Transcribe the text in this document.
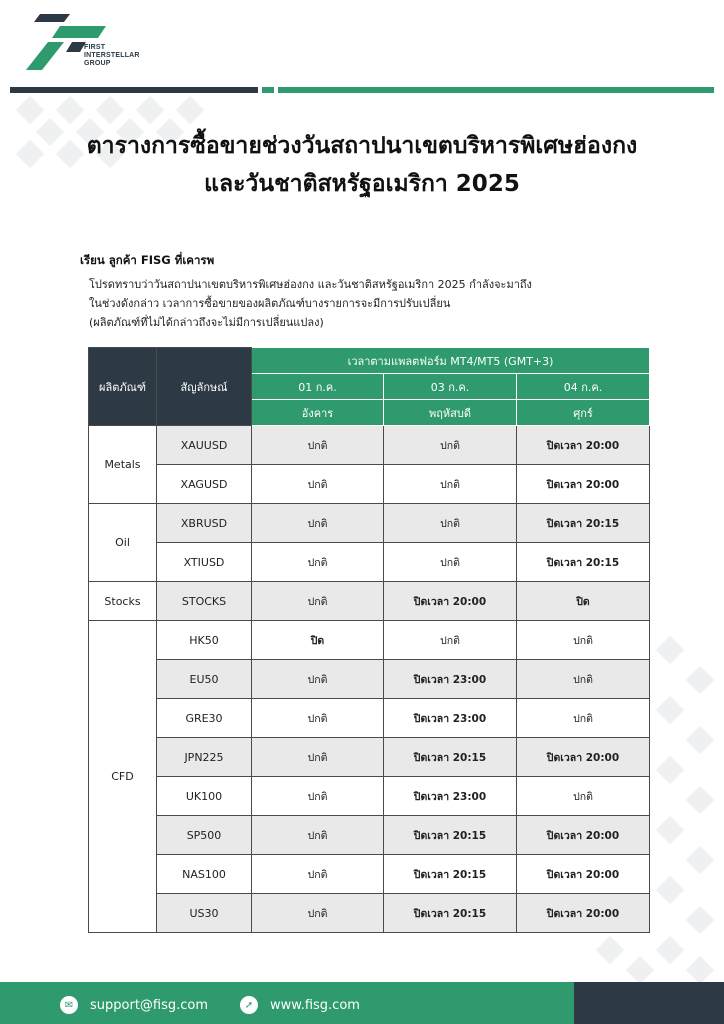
FIRST
INTERSTELLAR
GROUP
ตารางการซื้อขายช่วงวันสถาปนาเขตบริหารพิเศษฮ่องกง
และวันชาติสหรัฐอเมริกา 2025
เรียน ลูกค้า FISG ที่เคารพ
โปรดทราบว่าวันสถาปนาเขตบริหารพิเศษฮ่องกง และวันชาติสหรัฐอเมริกา 2025 กำลังจะมาถึง
ในช่วงดังกล่าว เวลาการซื้อขายของผลิตภัณฑ์บางรายการจะมีการปรับเปลี่ยน
(ผลิตภัณฑ์ที่ไม่ได้กล่าวถึงจะไม่มีการเปลี่ยนแปลง)
ผลิตภัณฑ์	สัญลักษณ์	เวลาตามแพลตฟอร์ม MT4/MT5 (GMT+3)		
		01 ก.ค.	03 ก.ค.	04 ก.ค.
		อังคาร	พฤหัสบดี	ศุกร์
Metals	XAUUSD	ปกติ	ปกติ	ปิดเวลา 20:00
	XAGUSD	ปกติ	ปกติ	ปิดเวลา 20:00
Oil	XBRUSD	ปกติ	ปกติ	ปิดเวลา 20:15
	XTIUSD	ปกติ	ปกติ	ปิดเวลา 20:15
Stocks	STOCKS	ปกติ	ปิดเวลา 20:00	ปิด
CFD	HK50	ปิด	ปกติ	ปกติ
	EU50	ปกติ	ปิดเวลา 23:00	ปกติ
	GRE30	ปกติ	ปิดเวลา 23:00	ปกติ
	JPN225	ปกติ	ปิดเวลา 20:15	ปิดเวลา 20:00
	UK100	ปกติ	ปิดเวลา 23:00	ปกติ
	SP500	ปกติ	ปิดเวลา 20:15	ปิดเวลา 20:00
	NAS100	ปกติ	ปิดเวลา 20:15	ปิดเวลา 20:00
	US30	ปกติ	ปิดเวลา 20:15	ปิดเวลา 20:00
✉	support@fisg.com	➚	www.fisg.com
